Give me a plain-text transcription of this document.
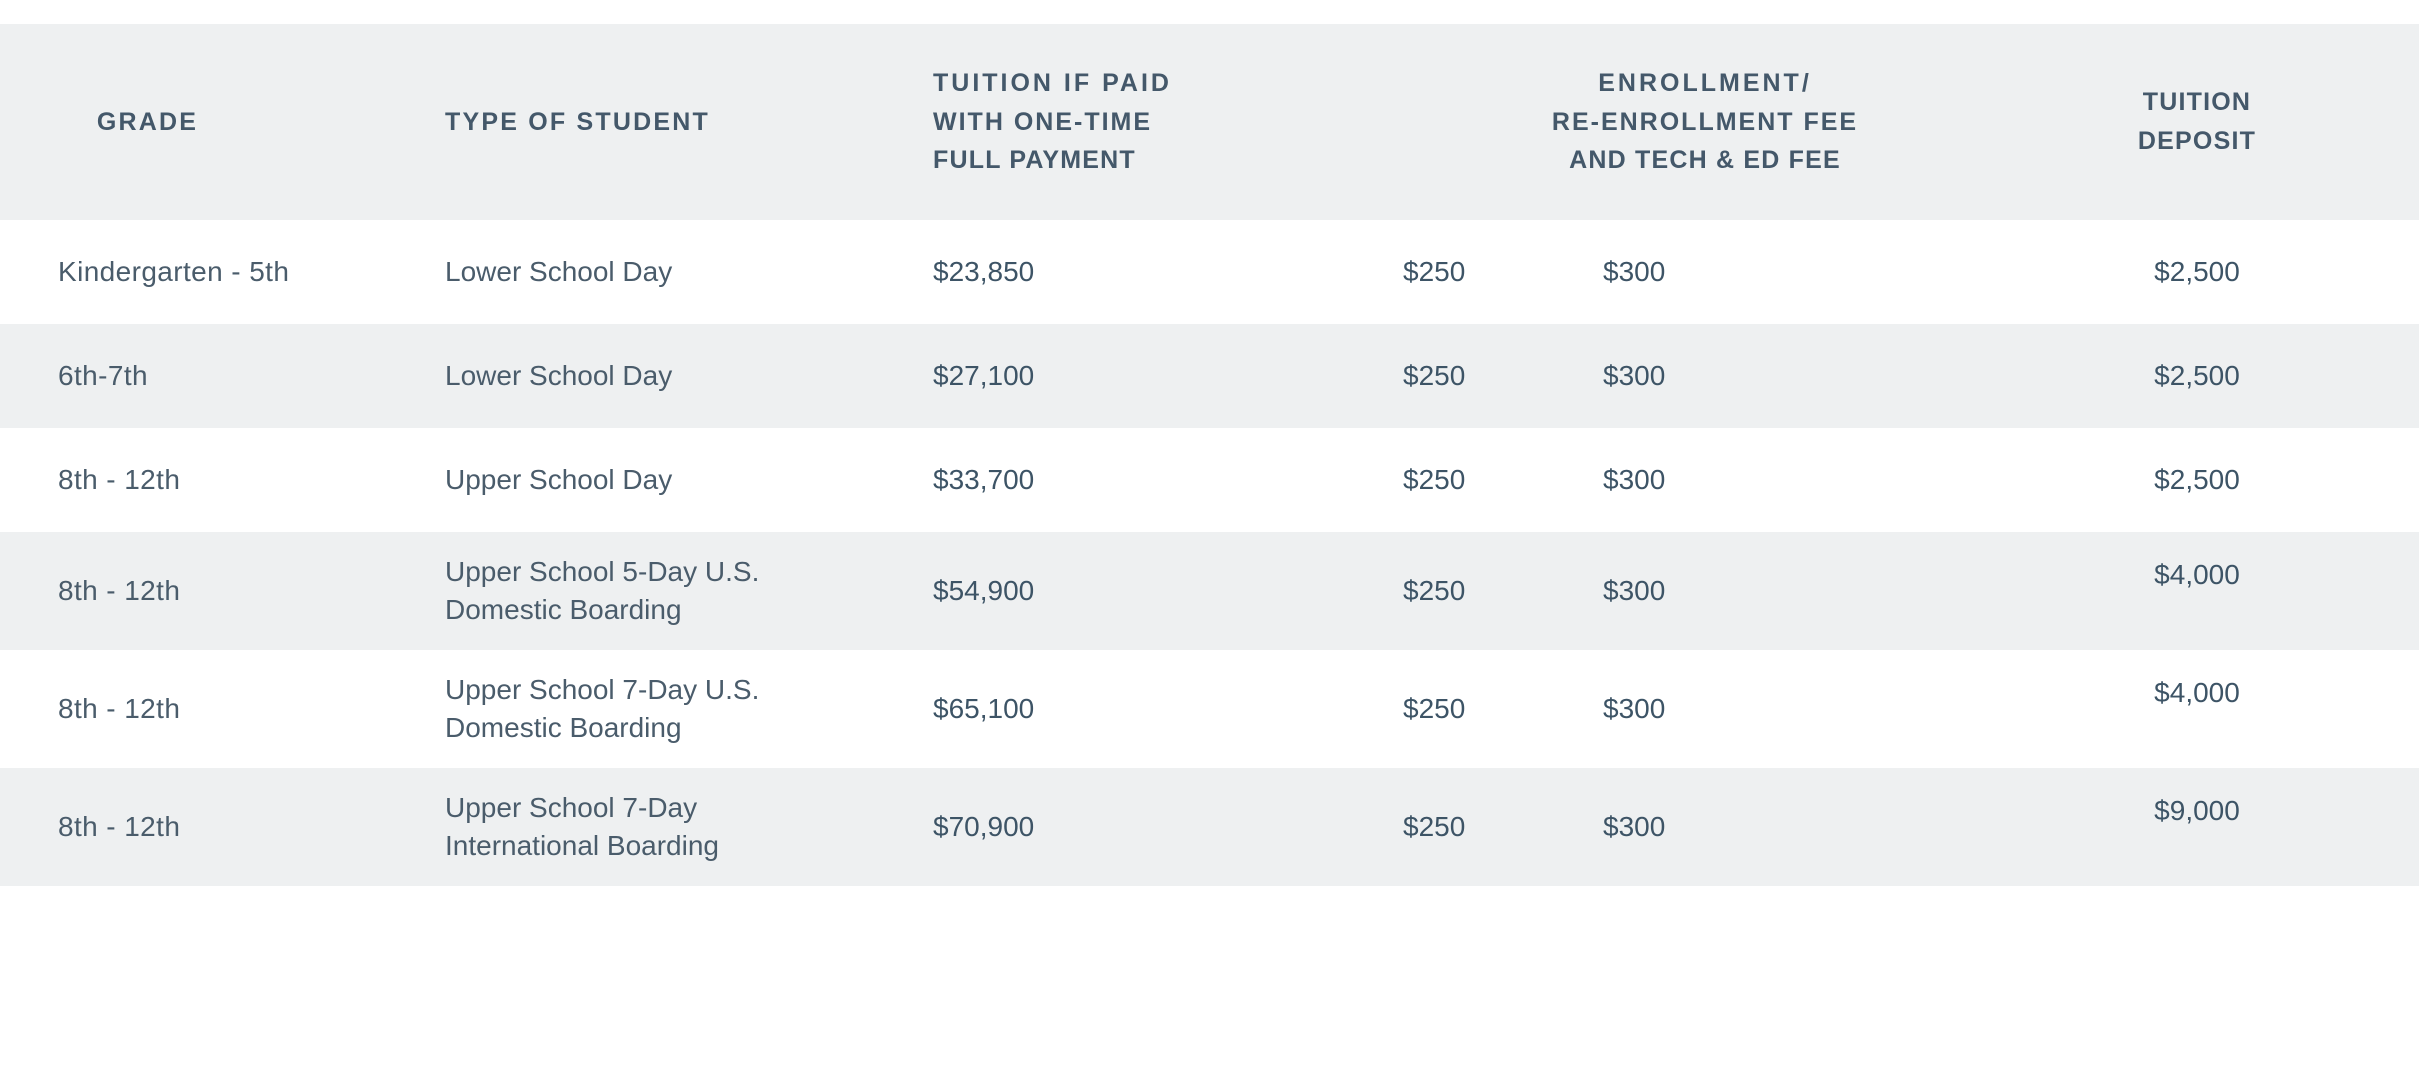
GRADE	TYPE OF STUDENT	TUITION IF PAID
WITH ONE-TIME
FULL PAYMENT	ENROLLMENT/
RE-ENROLLMENT FEE
AND TECH & ED FEE		TUITION
DEPOSIT

Kindergarten - 5th	Lower School Day	$23,850	$250	$300	$2,500
6th-7th	Lower School Day	$27,100	$250	$300	$2,500
8th - 12th	Upper School Day	$33,700	$250	$300	$2,500
8th - 12th	Upper School 5-Day U.S.
Domestic Boarding	$54,900	$250	$300	$4,000
8th - 12th	Upper School 7-Day U.S.
Domestic Boarding	$65,100	$250	$300	$4,000
8th - 12th	Upper School 7-Day
International Boarding	$70,900	$250	$300	$9,000
